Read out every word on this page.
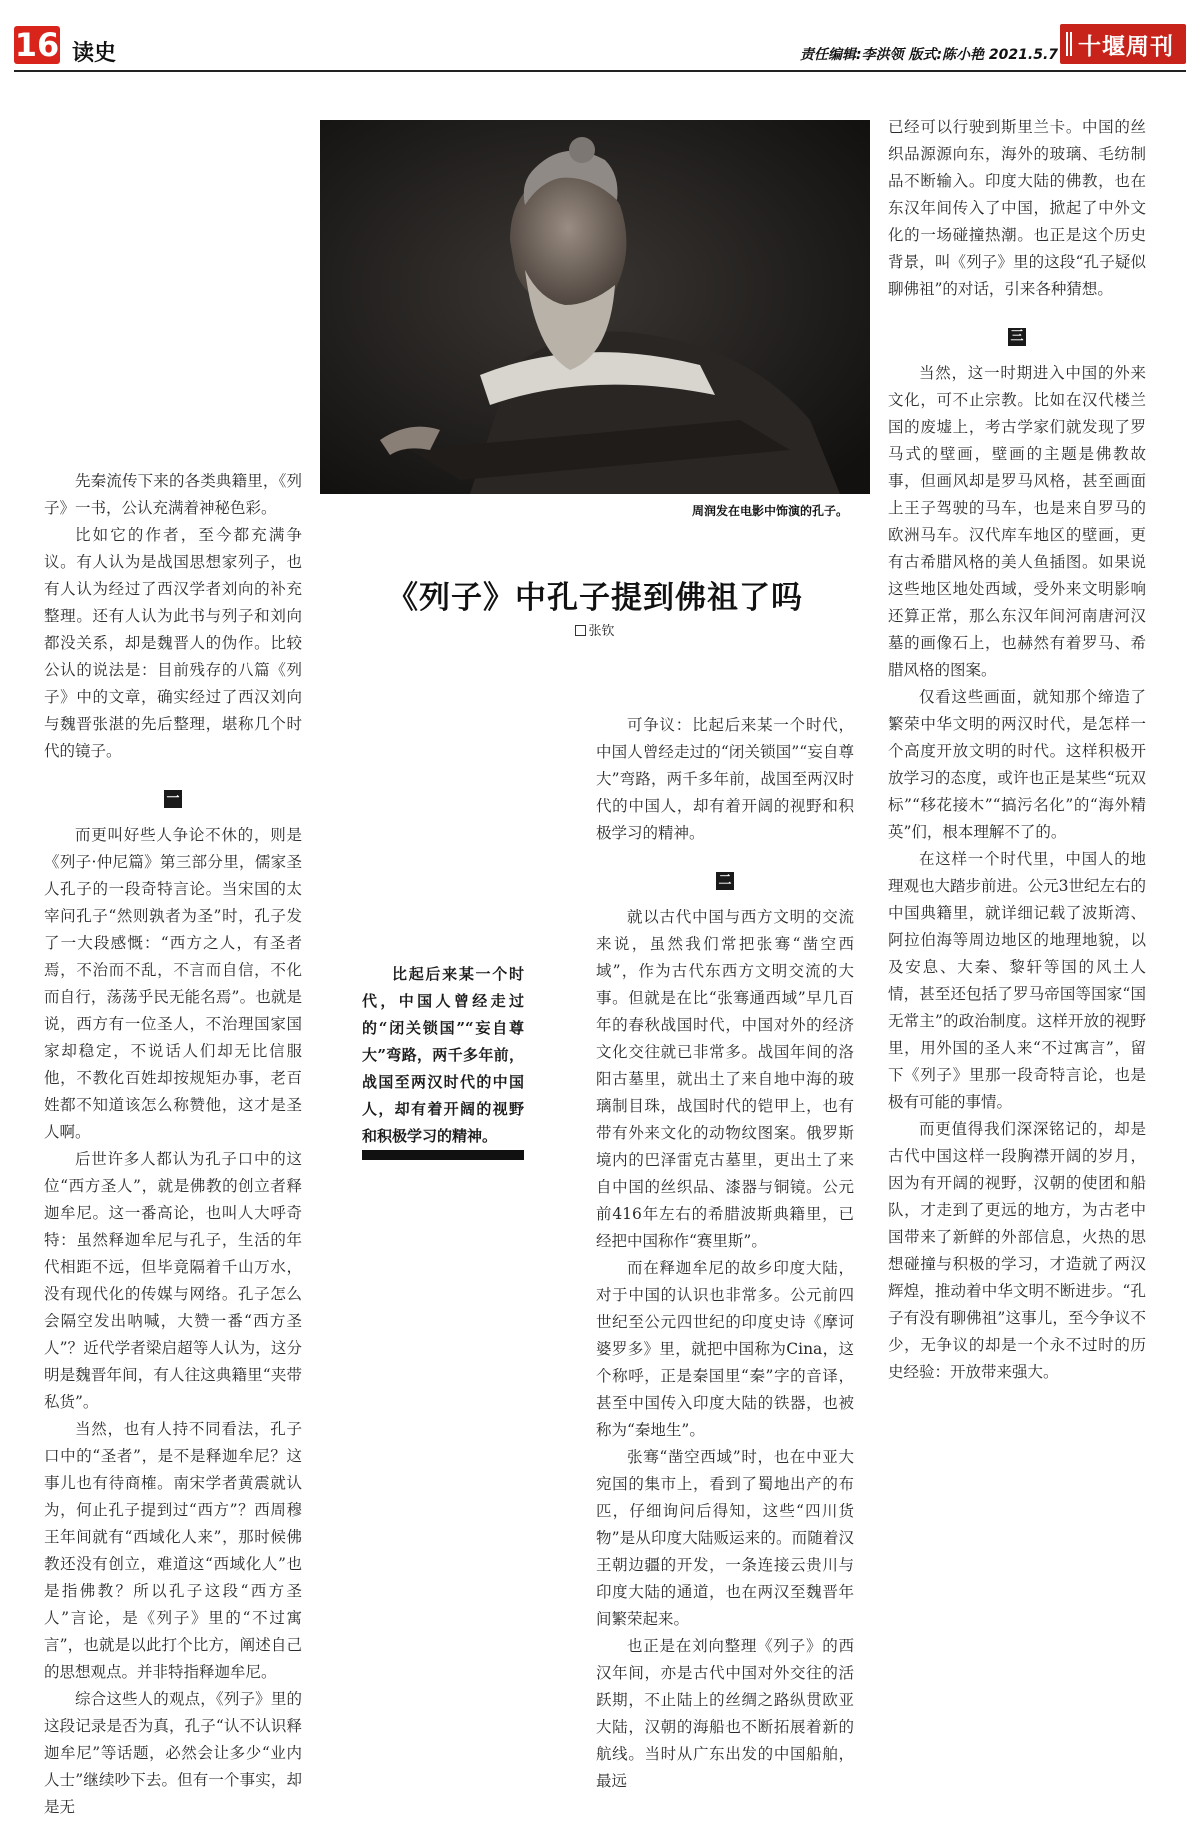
16 读史	责任编辑:李洪领 版式:陈小艳 2021.5.7 十堰周刊
周润发在电影中饰演的孔子。
《列子》中孔子提到佛祖了吗
张钦

先秦流传下来的各类典籍里，《列子》一书，公认充满着神秘色彩。

比如它的作者，至今都充满争议。有人认为是战国思想家列子，也有人认为经过了西汉学者刘向的补充整理。还有人认为此书与列子和刘向都没关系，却是魏晋人的伪作。比较公认的说法是：目前残存的八篇《列子》中的文章，确实经过了西汉刘向与魏晋张湛的先后整理，堪称几个时代的镜子。

一

而更叫好些人争论不休的，则是《列子·仲尼篇》第三部分里，儒家圣人孔子的一段奇特言论。当宋国的太宰问孔子“然则孰者为圣”时，孔子发了一大段感慨：“西方之人，有圣者焉，不治而不乱，不言而自信，不化而自行，荡荡乎民无能名焉”。也就是说，西方有一位圣人，不治理国家国家却稳定，不说话人们却无比信服他，不教化百姓却按规矩办事，老百姓都不知道该怎么称赞他，这才是圣人啊。

后世许多人都认为孔子口中的这位“西方圣人”，就是佛教的创立者释迦牟尼。这一番高论，也叫人大呼奇特：虽然释迦牟尼与孔子，生活的年代相距不远，但毕竟隔着千山万水，没有现代化的传媒与网络。孔子怎么会隔空发出呐喊，大赞一番“西方圣人”？近代学者梁启超等人认为，这分明是魏晋年间，有人往这典籍里“夹带私货”。

当然，也有人持不同看法，孔子口中的“圣者”，是不是释迦牟尼？这事儿也有待商榷。南宋学者黄震就认为，何止孔子提到过“西方”？西周穆王年间就有“西域化人来”，那时候佛教还没有创立，难道这“西域化人”也是指佛教？所以孔子这段“西方圣人”言论，是《列子》里的“不过寓言”，也就是以此打个比方，阐述自己的思想观点。并非特指释迦牟尼。

综合这些人的观点，《列子》里的这段记录是否为真，孔子“认不认识释迦牟尼”等话题，必然会让多少“业内人士”继续吵下去。但有一个事实，却是无

比起后来某一个时代，中国人曾经走过的“闭关锁国”“妄自尊大”弯路，两千多年前，战国至两汉时代的中国人，却有着开阔的视野和积极学习的精神。

可争议：比起后来某一个时代，中国人曾经走过的“闭关锁国”“妄自尊大”弯路，两千多年前，战国至两汉时代的中国人，却有着开阔的视野和积极学习的精神。

二

就以古代中国与西方文明的交流来说，虽然我们常把张骞“凿空西域”，作为古代东西方文明交流的大事。但就是在比“张骞通西域”早几百年的春秋战国时代，中国对外的经济文化交往就已非常多。战国年间的洛阳古墓里，就出土了来自地中海的玻璃制目珠，战国时代的铠甲上，也有带有外来文化的动物纹图案。俄罗斯境内的巴泽雷克古墓里，更出土了来自中国的丝织品、漆器与铜镜。公元前416年左右的希腊波斯典籍里，已经把中国称作“赛里斯”。

而在释迦牟尼的故乡印度大陆，对于中国的认识也非常多。公元前四世纪至公元四世纪的印度史诗《摩诃婆罗多》里，就把中国称为Cina，这个称呼，正是秦国里“秦”字的音译，甚至中国传入印度大陆的铁器，也被称为“秦地生”。

张骞“凿空西域”时，也在中亚大宛国的集市上，看到了蜀地出产的布匹，仔细询问后得知，这些“四川货物”是从印度大陆贩运来的。而随着汉王朝边疆的开发，一条连接云贵川与印度大陆的通道，也在两汉至魏晋年间繁荣起来。

也正是在刘向整理《列子》的西汉年间，亦是古代中国对外交往的活跃期，不止陆上的丝绸之路纵贯欧亚大陆，汉朝的海船也不断拓展着新的航线。当时从广东出发的中国船舶，最远

已经可以行驶到斯里兰卡。中国的丝织品源源向东，海外的玻璃、毛纺制品不断输入。印度大陆的佛教，也在东汉年间传入了中国，掀起了中外文化的一场碰撞热潮。也正是这个历史背景，叫《列子》里的这段“孔子疑似聊佛祖”的对话，引来各种猜想。

三

当然，这一时期进入中国的外来文化，可不止宗教。比如在汉代楼兰国的废墟上，考古学家们就发现了罗马式的壁画，壁画的主题是佛教故事，但画风却是罗马风格，甚至画面上王子驾驶的马车，也是来自罗马的欧洲马车。汉代库车地区的壁画，更有古希腊风格的美人鱼插图。如果说这些地区地处西域，受外来文明影响还算正常，那么东汉年间河南唐河汉墓的画像石上，也赫然有着罗马、希腊风格的图案。

仅看这些画面，就知那个缔造了繁荣中华文明的两汉时代，是怎样一个高度开放文明的时代。这样积极开放学习的态度，或许也正是某些“玩双标”“移花接木”“搞污名化”的“海外精英”们，根本理解不了的。

在这样一个时代里，中国人的地理观也大踏步前进。公元3世纪左右的中国典籍里，就详细记载了波斯湾、阿拉伯海等周边地区的地理地貌，以及安息、大秦、黎轩等国的风土人情，甚至还包括了罗马帝国等国家“国无常主”的政治制度。这样开放的视野里，用外国的圣人来“不过寓言”，留下《列子》里那一段奇特言论，也是极有可能的事情。

而更值得我们深深铭记的，却是古代中国这样一段胸襟开阔的岁月，因为有开阔的视野，汉朝的使团和船队，才走到了更远的地方，为古老中国带来了新鲜的外部信息，火热的思想碰撞与积极的学习，才造就了两汉辉煌，推动着中华文明不断进步。“孔子有没有聊佛祖”这事儿，至今争议不少，无争议的却是一个永不过时的历史经验：开放带来强大。
